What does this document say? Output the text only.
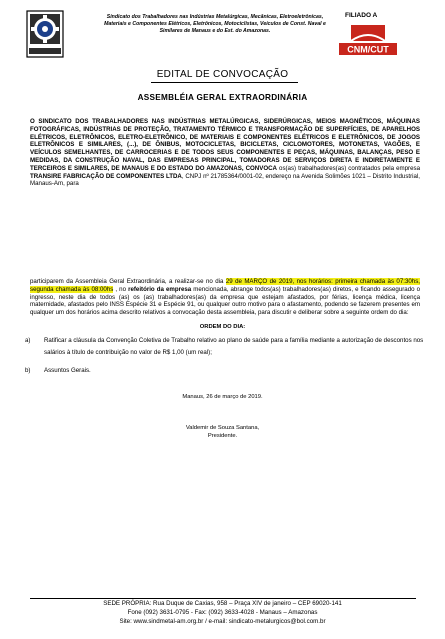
Sindicato dos Trabalhadores nas Indústrias Metalúrgicas, Mecânicas, Eletroeletrônicas, Materiais e Componentes Elétricos, Eletrônicos, Motociclistas, Veículos de Const. Naval e Similares de Manaus e do Est. do Amazonas.
FILIADO A
CNM/CUT
EDITAL DE CONVOCAÇÃO
ASSEMBLÉIA GERAL EXTRAORDINÁRIA
O SINDICATO DOS TRABALHADORES NAS INDÚSTRIAS METALÚRGICAS, SIDERÚRGICAS, MEIOS MAGNÉTICOS, MÁQUINAS FOTOGRÁFICAS, INDÚSTRIAS DE PROTEÇÃO, TRATAMENTO TÉRMICO E TRANSFORMAÇÃO DE SUPERFÍCIES, DE APARELHOS ELÉTRICOS, ELETRÔNICOS, ELETRO-ELETRÔNICO, DE MATERIAIS E COMPONENTES ELÉTRICOS E ELETRÔNICOS, DE JOGOS ELETRÔNICOS E SIMILARES, (...), DE ÔNIBUS, MOTOCICLETAS, BICICLETAS, CICLOMOTORES, MOTONETAS, VAGÕES, E VEÍCULOS SEMELHANTES, DE CARROCERIAS E DE TODOS SEUS COMPONENTES E PEÇAS, MÁQUINAS, BALANÇAS, PESO E MEDIDAS, DA CONSTRUÇÃO NAVAL, DAS EMPRESAS PRINCIPAL, TOMADORAS DE SERVIÇOS DIRETA E INDIRETAMENTE E TERCEIROS E SIMILARES, DE MANAUS E DO ESTADO DO AMAZONAS, CONVOCA os(as) trabalhadores(as) contratados pela empresa TRANSIRE FABRICAÇÃO DE COMPONENTES LTDA, CNPJ nº 21785364/0001-02, endereço na Avenida Solimões 1021 – Distrito Industrial, Manaus-Am, para
participarem da Assembleia Geral Extraordinária, a realizar-se no dia 29 de MARÇO de 2019, nos horários: primeira chamada às 07:30hs, segunda chamada às 08:00hs , no refeitório da empresa mencionada, abrange todos(as) trabalhadores(as) diretos, e ficando assegurado o ingresso, neste dia de todos (as) os (as) trabalhadores(as) da empresa que estejam afastados, por férias, licença médica, licença maternidade, afastados pelo INSS Espécie 31 e Espécie 91, ou qualquer outro motivo para o afastamento, podendo se fazerem presentes em qualquer um dos horários acima descrito relativos a convocação desta assembleia, para discutir e deliberar sobre a seguinte ordem do dia:
ORDEM DO DIA:
a) Ratificar a cláusula da Convenção Coletiva de Trabalho relativo ao plano de saúde para a família mediante a autorização de descontos nos salários à título de contribuição no valor de R$ 1,00 (um real);
b) Assuntos Gerais.
Manaus, 26 de março de 2019.
Valdemir de Souza Santana,
Presidente.
SEDE PRÓPRIA: Rua Duque de Caxias, 958 – Praça XIV de janeiro – CEP 69020-141
Fone (092) 3631-0795 - Fax: (092) 3633-4028 - Manaus – Amazonas
Site: www.sindmetal-am.org.br / e-mail: sindicato-metalurgicos@bol.com.br
